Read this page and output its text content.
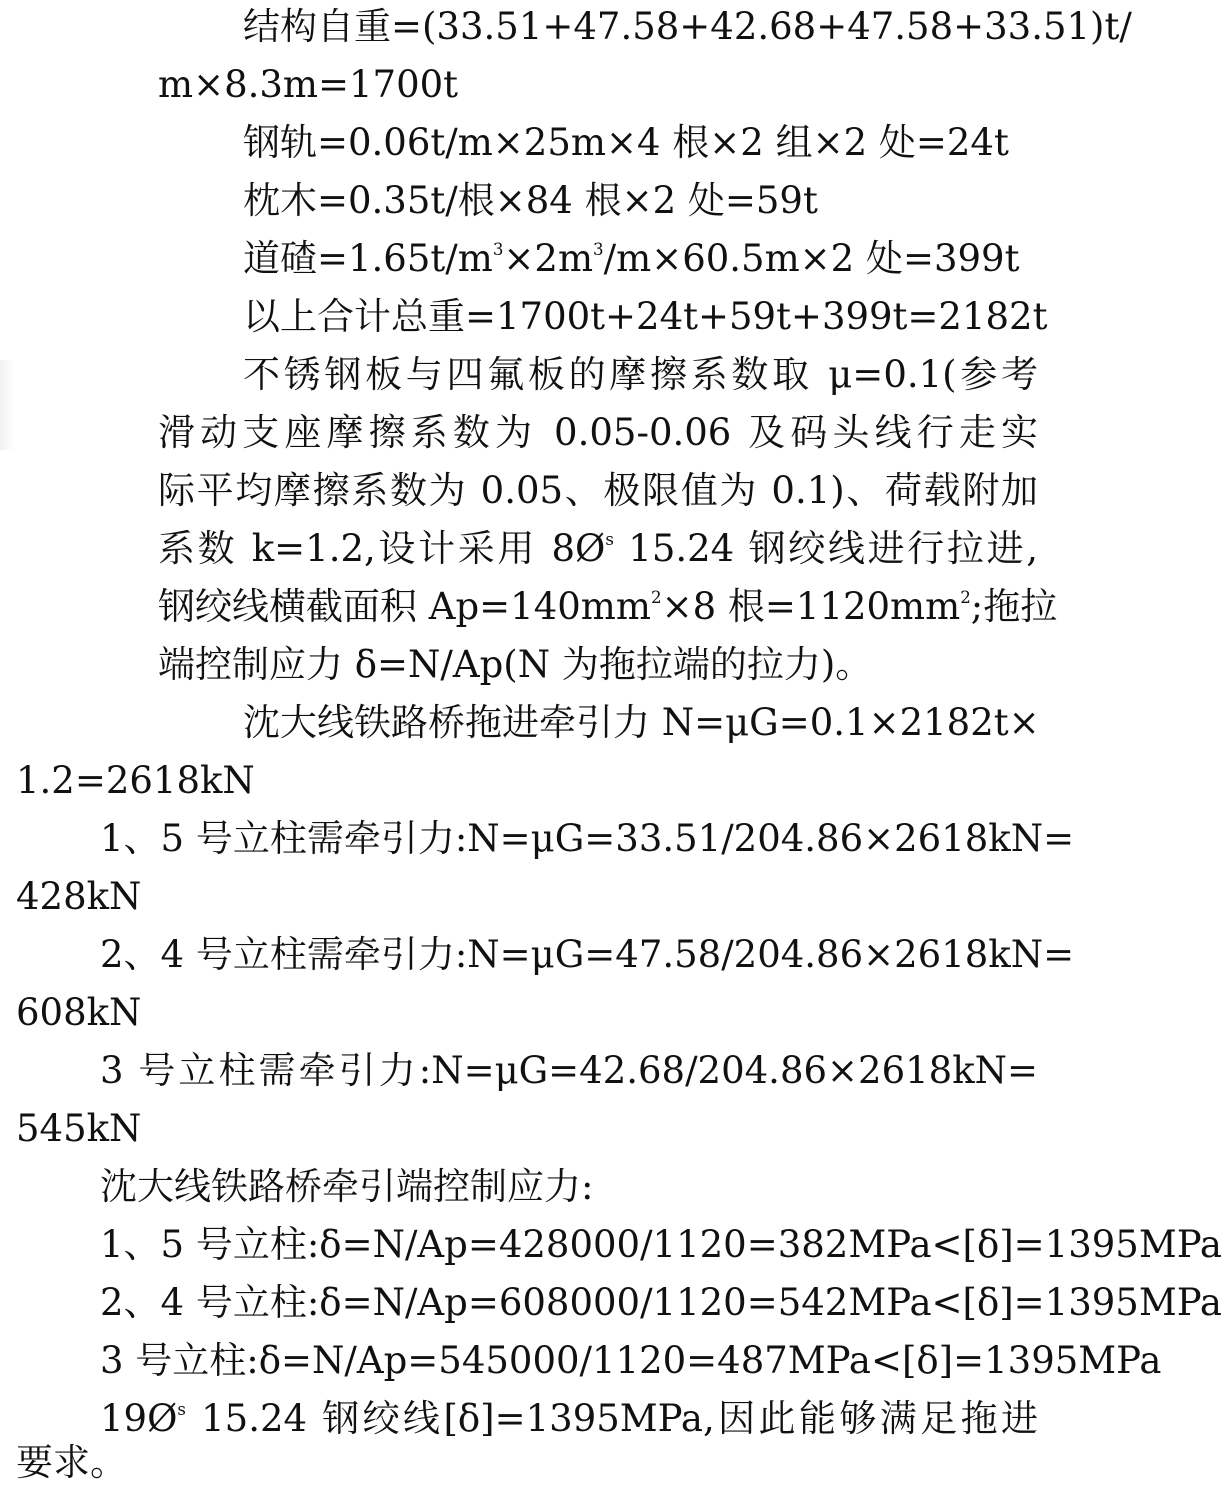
结构自重=(33.51+47.58+42.68+47.58+33.51)t/
m×8.3m=1700t
钢轨=0.06t/m×25m×4 根×2 组×2 处=24t
枕木=0.35t/根×84 根×2 处=59t
道碴$=1.65t/m^3\times 2m^3/m\times 60.5m\times 2$ 处=399t
以上合计总重=1700t+24t+59t+399t=2182t
不锈钢板与四氟板的摩擦系数取 μ=0.1(参考
滑动支座摩擦系数为 0.05-0.06 及码头线行走实
际平均摩擦系数为 0.05、极限值为 0.1)、荷载附加
系数 k=1.2,设计采用 $8Ø^s$ 15.24 钢绞线进行拉进,
钢绞线横截面积 $Ap=140mm^2\times 8$ 根$=1120mm^2$;拖拉
端控制应力 δ=N/Ap(N 为拖拉端的拉力)。
沈大线铁路桥拖进牵引力 N=μG=0.1×2182t×
1.2=2618kN
1、5 号立柱需牵引力:N=μG=33.51/204.86×2618kN=
428kN
2、4 号立柱需牵引力:N=μG=47.58/204.86×2618kN=
608kN
3 号立柱需牵引力:N=μG=42.68/204.86×2618kN=
545kN
沈大线铁路桥牵引端控制应力:
1、5 号立柱:δ=N/Ap=428000/1120=382MPa<[δ]=1395MPa
2、4 号立柱:δ=N/Ap=608000/1120=542MPa<[δ]=1395MPa
3 号立柱:δ=N/Ap=545000/1120=487MPa<[δ]=1395MPa
$19Ø^s$ 15.24 钢绞线[δ]=1395MPa,因此能够满足拖进
要求。
